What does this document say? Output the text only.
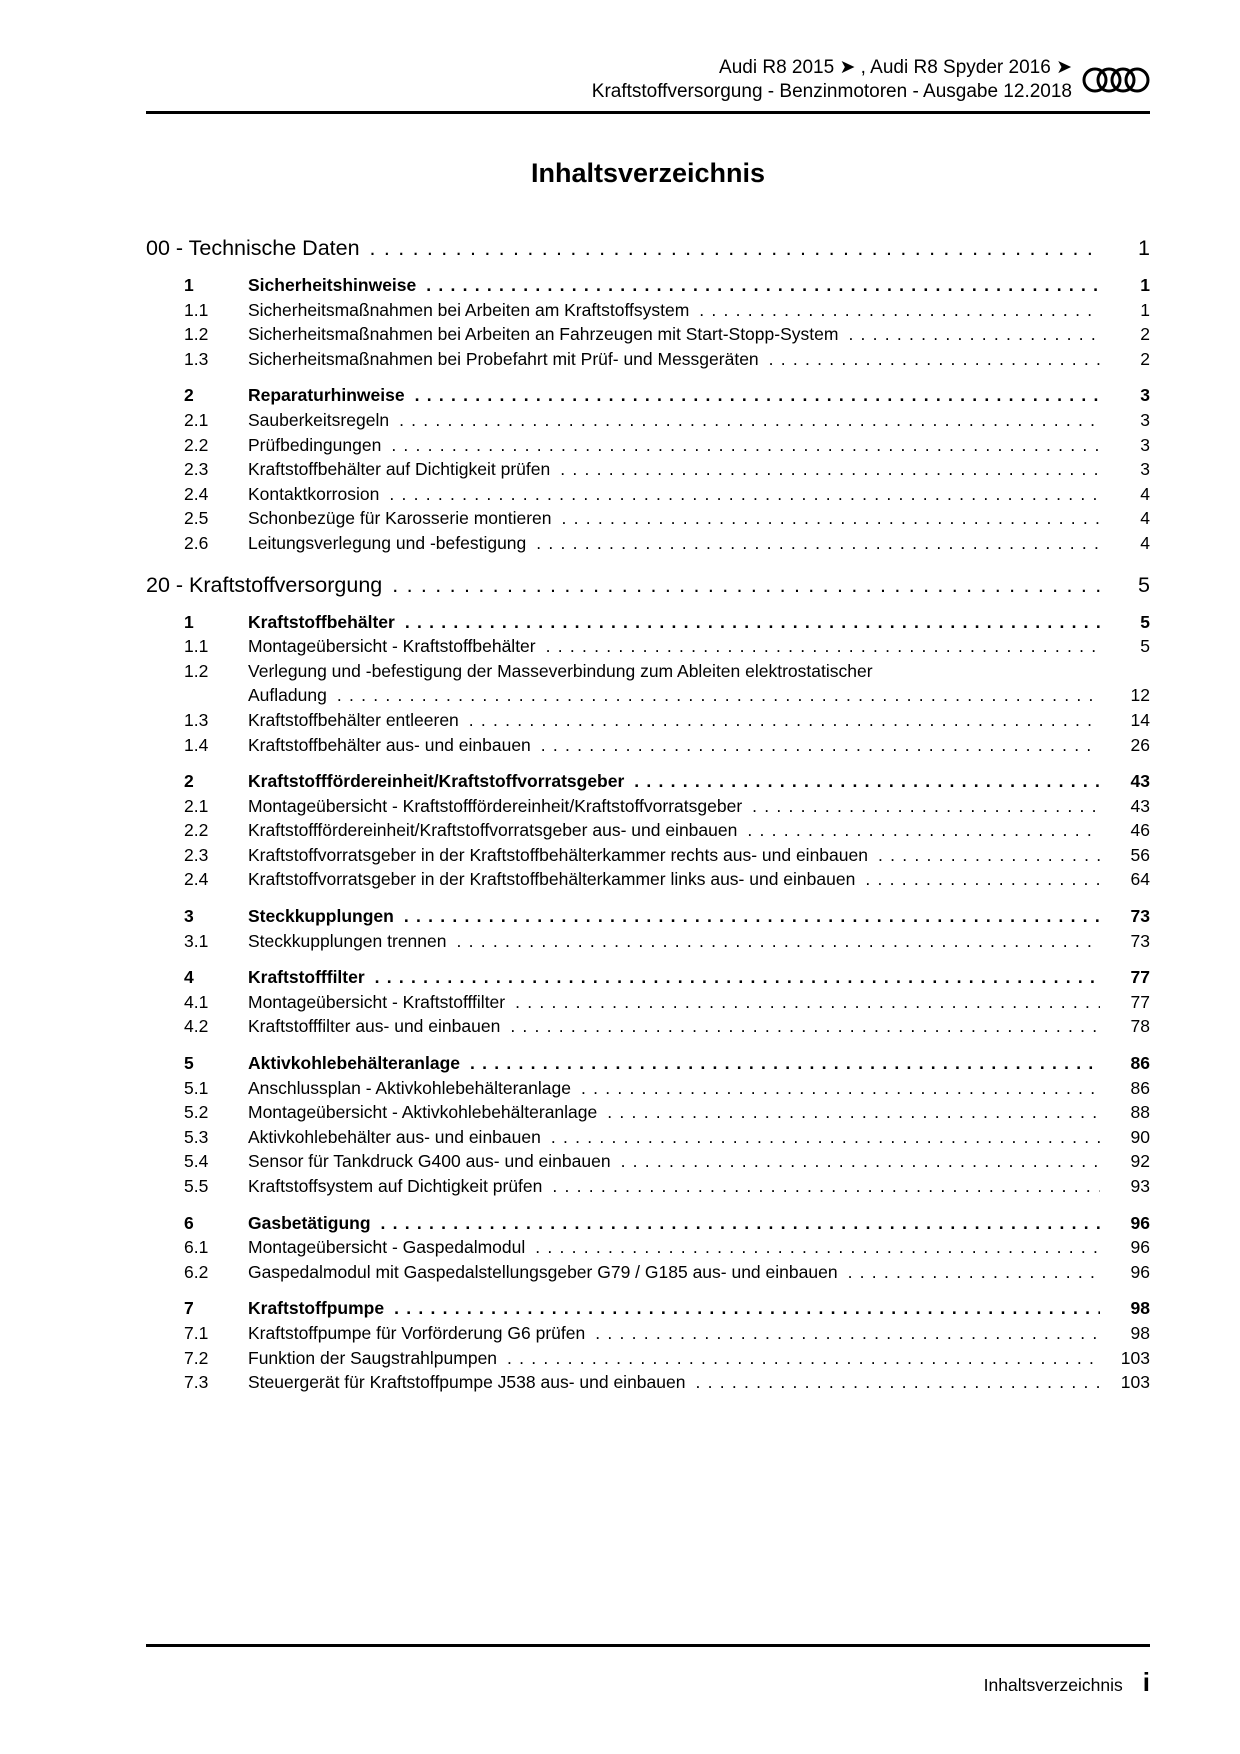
Audi R8 2015 ➤ , Audi R8 Spyder 2016 ➤
Kraftstoffversorgung - Benzinmotoren - Ausgabe 12.2018
Inhaltsverzeichnis
00 - Technische Daten . . .	1
1	Sicherheitshinweise . . .	1
1.1	Sicherheitsmaßnahmen bei Arbeiten am Kraftstoffsystem . . .	1
1.2	Sicherheitsmaßnahmen bei Arbeiten an Fahrzeugen mit Start-Stopp-System . . .	2
1.3	Sicherheitsmaßnahmen bei Probefahrt mit Prüf- und Messgeräten . . .	2
2	Reparaturhinweise . . .	3
2.1	Sauberkeitsregeln . . .	3
2.2	Prüfbedingungen . . .	3
2.3	Kraftstoffbehälter auf Dichtigkeit prüfen . . .	3
2.4	Kontaktkorrosion . . .	4
2.5	Schonbezüge für Karosserie montieren . . .	4
2.6	Leitungsverlegung und -befestigung . . .	4
20 - Kraftstoffversorgung . . .	5
1	Kraftstoffbehälter . . .	5
1.1	Montageübersicht - Kraftstoffbehälter . . .	5
1.2	Verlegung und -befestigung der Masseverbindung zum Ableiten elektrostatischer
Aufladung . . .	12
1.3	Kraftstoffbehälter entleeren . . .	14
1.4	Kraftstoffbehälter aus- und einbauen . . .	26
2	Kraftstofffördereinheit/Kraftstoffvorratsgeber . . .	43
2.1	Montageübersicht - Kraftstofffördereinheit/Kraftstoffvorratsgeber . . .	43
2.2	Kraftstofffördereinheit/Kraftstoffvorratsgeber aus- und einbauen . . .	46
2.3	Kraftstoffvorratsgeber in der Kraftstoffbehälterkammer rechts aus- und einbauen . . .	56
2.4	Kraftstoffvorratsgeber in der Kraftstoffbehälterkammer links aus- und einbauen . . .	64
3	Steckkupplungen . . .	73
3.1	Steckkupplungen trennen . . .	73
4	Kraftstofffilter . . .	77
4.1	Montageübersicht - Kraftstofffilter . . .	77
4.2	Kraftstofffilter aus- und einbauen . . .	78
5	Aktivkohlebehälteranlage . . .	86
5.1	Anschlussplan - Aktivkohlebehälteranlage . . .	86
5.2	Montageübersicht - Aktivkohlebehälteranlage . . .	88
5.3	Aktivkohlebehälter aus- und einbauen . . .	90
5.4	Sensor für Tankdruck G400 aus- und einbauen . . .	92
5.5	Kraftstoffsystem auf Dichtigkeit prüfen . . .	93
6	Gasbetätigung . . .	96
6.1	Montageübersicht - Gaspedalmodul . . .	96
6.2	Gaspedalmodul mit Gaspedalstellungsgeber G79 / G185 aus- und einbauen . . .	96
7	Kraftstoffpumpe . . .	98
7.1	Kraftstoffpumpe für Vorförderung G6 prüfen . . .	98
7.2	Funktion der Saugstrahlpumpen . . .	103
7.3	Steuergerät für Kraftstoffpumpe J538 aus- und einbauen . . .	103
Inhaltsverzeichnis i
